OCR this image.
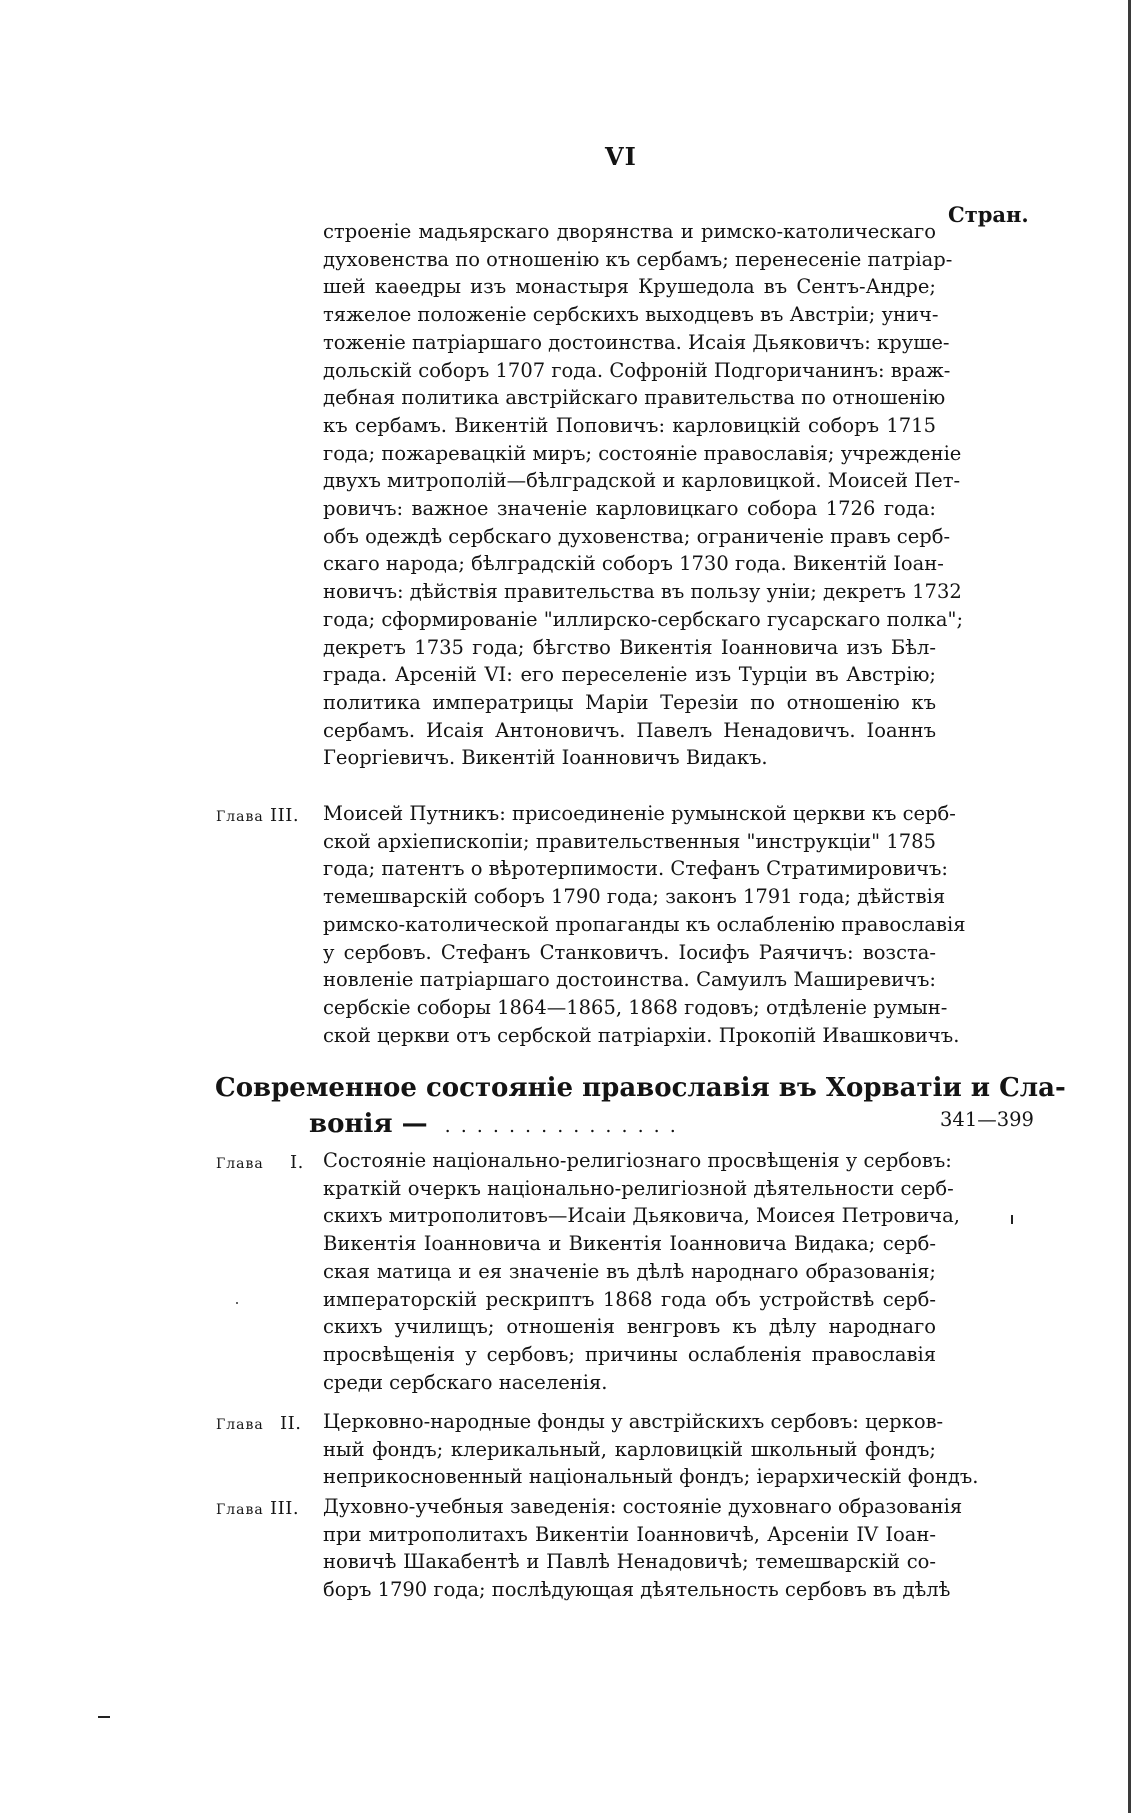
VI
Стран.
строеніе мадьярскаго дворянства и римско-католическаго
духовенства по отношенію къ сербамъ; перенесеніе патріар-
шей каѳедры изъ монастыря Крушедола въ Сентъ-Андре;
тяжелое положеніе сербскихъ выходцевъ въ Австріи; унич-
тоженіе патріаршаго достоинства. Исаія Дьяковичъ: круше-
дольскій соборъ 1707 года. Софроній Подгоричанинъ: враж-
дебная политика австрійскаго правительства по отношенію
къ сербамъ. Викентій Поповичъ: карловицкій соборъ 1715
года; пожаревацкій миръ; состояніе православія; учрежденіе
двухъ митрополій—бѣлградской и карловицкой. Моисей Пет-
ровичъ: важное значеніе карловицкаго собора 1726 года:
объ одеждѣ сербскаго духовенства; ограниченіе правъ серб-
скаго народа; бѣлградскій соборъ 1730 года. Викентій Іоан-
новичъ: дѣйствія правительства въ пользу уніи; декретъ 1732
года; сформированіе "иллирско-сербскаго гусарскаго полка";
декретъ 1735 года; бѣгство Викентія Іоанновича изъ Бѣл-
града. Арсеній VI: его переселеніе изъ Турціи въ Австрію;
политика императрицы Маріи Терезіи по отношенію къ
сербамъ. Исаія Антоновичъ. Павелъ Ненадовичъ. Іоаннъ
Георгіевичъ. Викентій Іоанновичъ Видакъ.
Глава III. Моисей Путникъ: присоединеніе румынской церкви къ серб-
ской архіепископіи; правительственныя "инструкціи" 1785
года; патентъ о вѣротерпимости. Стефанъ Стратимировичъ:
темешварскій соборъ 1790 года; законъ 1791 года; дѣйствія
римско-католической пропаганды къ ослабленію православія
у сербовъ. Стефанъ Станковичъ. Іосифъ Раячичъ: возста-
новленіе патріаршаго достоинства. Самуилъ Маширевичъ:
сербскіе соборы 1864—1865, 1868 годовъ; отдѣленіе румын-
ской церкви отъ сербской патріархіи. Прокопій Ивашковичъ.
Современное состояніе православія въ Хорватіи и Сла-
вонія — . . . . . . . . . . . . . . .	341—399
Глава I. Состояніе національно-религіознаго просвѣщенія у сербовъ:
краткій очеркъ національно-религіозной дѣятельности серб-
скихъ митрополитовъ—Исаіи Дьяковича, Моисея Петровича,
Викентія Іоанновича и Викентія Іоанновича Видака; серб-
ская матица и ея значеніе въ дѣлѣ народнаго образованія;
императорскій рескриптъ 1868 года объ устройствѣ серб-
скихъ училищъ; отношенія венгровъ къ дѣлу народнаго
просвѣщенія у сербовъ; причины ослабленія православія
среди сербскаго населенія.
Глава II. Церковно-народные фонды у австрійскихъ сербовъ: церков-
ный фондъ; клерикальный, карловицкій школьный фондъ;
неприкосновенный національный фондъ; іерархическій фондъ.
Глава III. Духовно-учебныя заведенія: состояніе духовнаго образованія
при митрополитахъ Викентіи Іоанновичѣ, Арсеніи IV Іоан-
новичѣ Шакабентѣ и Павлѣ Ненадовичѣ; темешварскій со-
боръ 1790 года; послѣдующая дѣятельность сербовъ въ дѣлѣ
